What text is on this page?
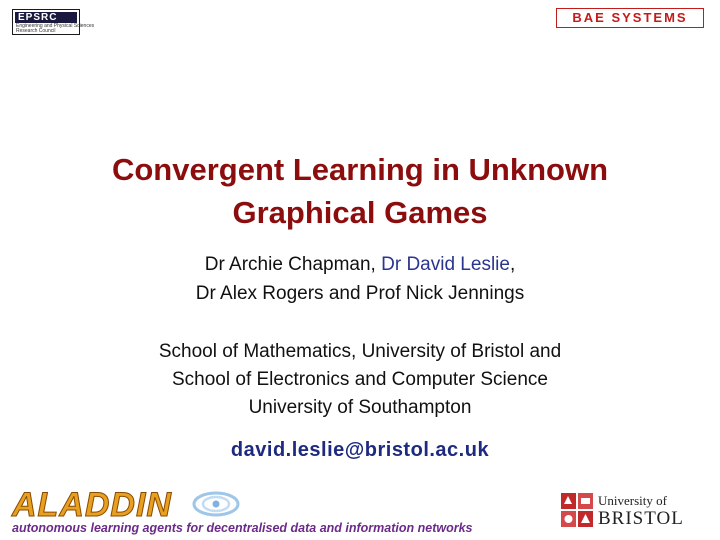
EPSRC
Engineering and Physical Sciences
Research Council
BAE SYSTEMS
Convergent Learning in Unknown
Graphical Games
Dr Archie Chapman, Dr David Leslie,
Dr Alex Rogers and Prof Nick Jennings
School of Mathematics, University of Bristol and
School of Electronics and Computer Science
University of Southampton
david.leslie@bristol.ac.uk
ALADDIN
autonomous learning agents for decentralised data and information networks
University of
BRISTOL
